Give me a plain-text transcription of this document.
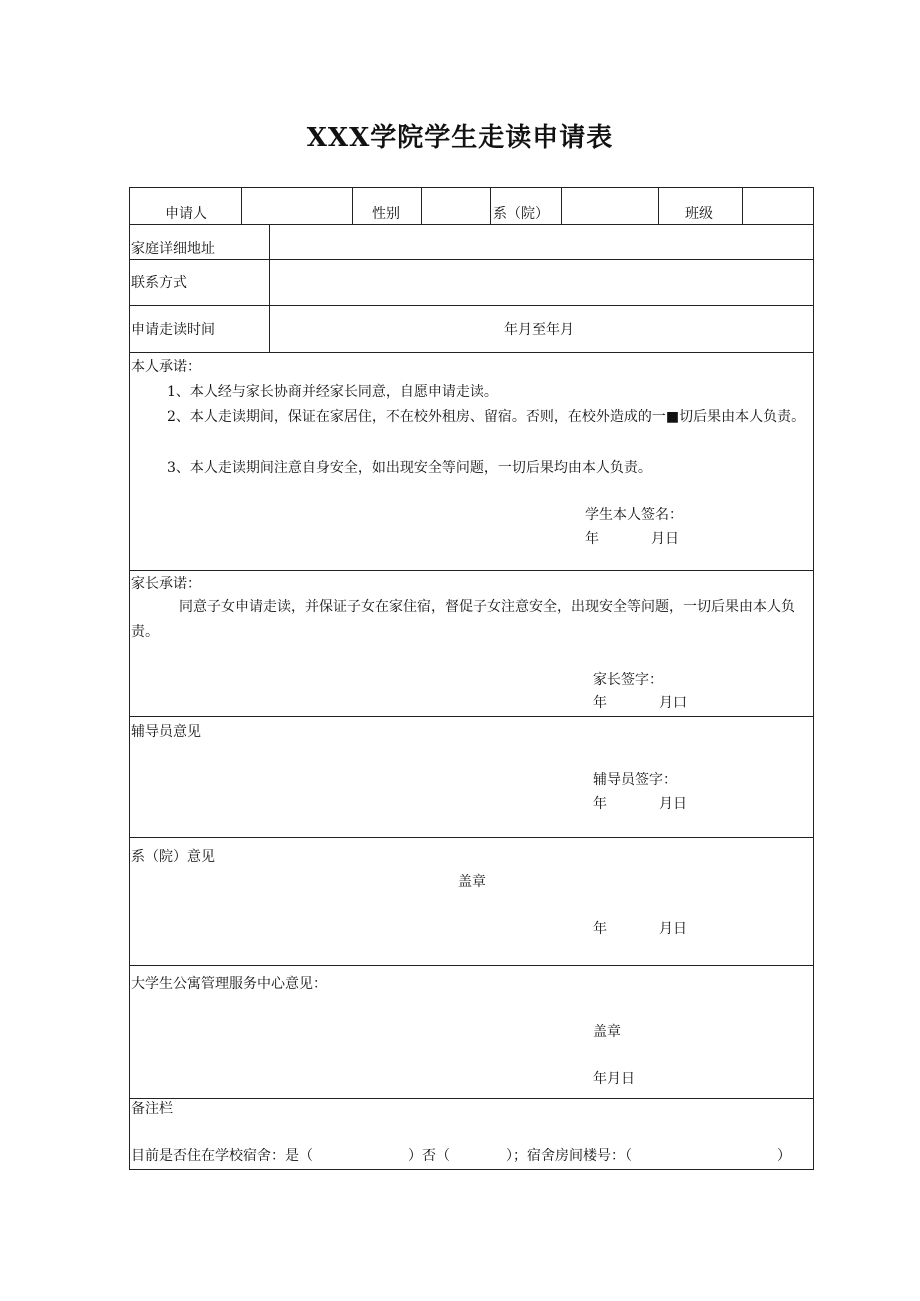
XXX学院学生走读申请表
申请人	性别	系（院）	班级
家庭详细地址
联系方式
申请走读时间	年月至年月
本人承诺：
1、本人经与家长协商并经家长同意，自愿申请走读。
2、本人走读期间，保证在家居住，不在校外租房、留宿。否则，在校外造成的一■切后果由本人负责。
3、本人走读期间注意自身安全，如出现安全等问题，一切后果均由本人负责。
学生本人签名：
年	月日
家长承诺：
同意子女申请走读，并保证子女在家住宿，督促子女注意安全，出现安全等问题，一切后果由本人负责。
家长签字：
年	月口
辅导员意见
辅导员签字：
年	月日
系（院）意见
盖章
年	月日
大学生公寓管理服务中心意见：
盖章
年月日
备注栏
目前是否住在学校宿舍：是（	）否（	）；宿舍房间楼号：（	）
